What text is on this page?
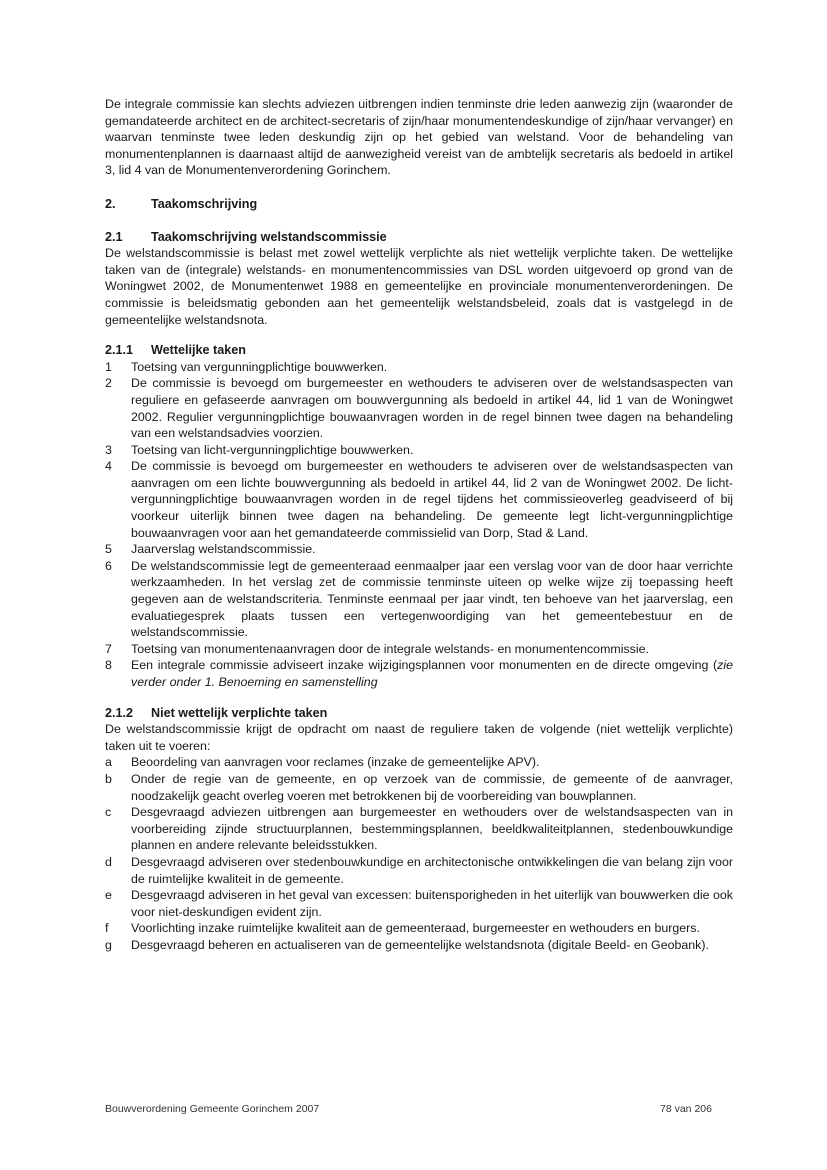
De integrale commissie kan slechts adviezen uitbrengen indien tenminste drie leden aanwezig zijn (waaronder de gemandateerde architect en de architect-secretaris of zijn/haar monumentendeskundige of zijn/haar vervanger) en waarvan tenminste twee leden deskundig zijn op het gebied van welstand. Voor de behandeling van monumentenplannen is daarnaast altijd de aanwezigheid vereist van de ambtelijk secretaris als bedoeld in artikel 3, lid 4 van de Monumentenverordening Gorinchem.

2.	Taakomschrijving
2.1	Taakomschrijving welstandscommissie

De welstandscommissie is belast met zowel wettelijk verplichte als niet wettelijk verplichte taken. De wettelijke taken van de (integrale) welstands- en monumentencommissies van DSL worden uitgevoerd op grond van de Woningwet 2002, de Monumentenwet 1988 en gemeentelijke en provinciale monumentenverordeningen. De commissie is beleidsmatig gebonden aan het gemeentelijk welstandsbeleid, zoals dat is vastgelegd in de gemeentelijke welstandsnota.

2.1.1	Wettelijke taken
1	Toetsing van vergunningplichtige bouwwerken.
2	De commissie is bevoegd om burgemeester en wethouders te adviseren over de welstandsaspecten van reguliere en gefaseerde aanvragen om bouwvergunning als bedoeld in artikel 44, lid 1 van de Woningwet 2002. Regulier vergunningplichtige bouwaanvragen worden in de regel binnen twee dagen na behandeling van een welstandsadvies voorzien.
3	Toetsing van licht-vergunningplichtige bouwwerken.
4	De commissie is bevoegd om burgemeester en wethouders te adviseren over de welstandsaspecten van aanvragen om een lichte bouwvergunning als bedoeld in artikel 44, lid 2 van de Woningwet 2002. De licht-vergunningplichtige bouwaanvragen worden in de regel tijdens het commissieoverleg geadviseerd of bij voorkeur uiterlijk binnen twee dagen na behandeling. De gemeente legt licht-vergunningplichtige bouwaanvragen voor aan het gemandateerde commissielid van Dorp, Stad & Land.
5	Jaarverslag welstandscommissie.
6	De welstandscommissie legt de gemeenteraad eenmaalper jaar een verslag voor van de door haar verrichte werkzaamheden. In het verslag zet de commissie tenminste uiteen op welke wijze zij toepassing heeft gegeven aan de welstandscriteria. Tenminste eenmaal per jaar vindt, ten behoeve van het jaarverslag, een evaluatiegesprek plaats tussen een vertegenwoordiging van het gemeentebestuur en de welstandscommissie.
7	Toetsing van monumentenaanvragen door de integrale welstands- en monumentencommissie.
8	Een integrale commissie adviseert inzake wijzigingsplannen voor monumenten en de directe omgeving (zie verder onder 1. Benoeming en samenstelling
2.1.2	Niet wettelijk verplichte taken

De welstandscommissie krijgt de opdracht om naast de reguliere taken de volgende (niet wettelijk verplichte) taken uit te voeren:

a	Beoordeling van aanvragen voor reclames (inzake de gemeentelijke APV).
b	Onder de regie van de gemeente, en op verzoek van de commissie, de gemeente of de aanvrager, noodzakelijk geacht overleg voeren met betrokkenen bij de voorbereiding van bouwplannen.
c	Desgevraagd adviezen uitbrengen aan burgemeester en wethouders over de welstandsaspecten van in voorbereiding zijnde structuurplannen, bestemmingsplannen, beeldkwaliteitplannen, stedenbouwkundige plannen en andere relevante beleidsstukken.
d	Desgevraagd adviseren over stedenbouwkundige en architectonische ontwikkelingen die van belang zijn voor de ruimtelijke kwaliteit in de gemeente.
e	Desgevraagd adviseren in het geval van excessen: buitensporigheden in het uiterlijk van bouwwerken die ook voor niet-deskundigen evident zijn.
f	Voorlichting inzake ruimtelijke kwaliteit aan de gemeenteraad, burgemeester en wethouders en burgers.
g	Desgevraagd beheren en actualiseren van de gemeentelijke welstandsnota (digitale Beeld- en Geobank).
Bouwverordening Gemeente Gorinchem 2007	78 van 206
